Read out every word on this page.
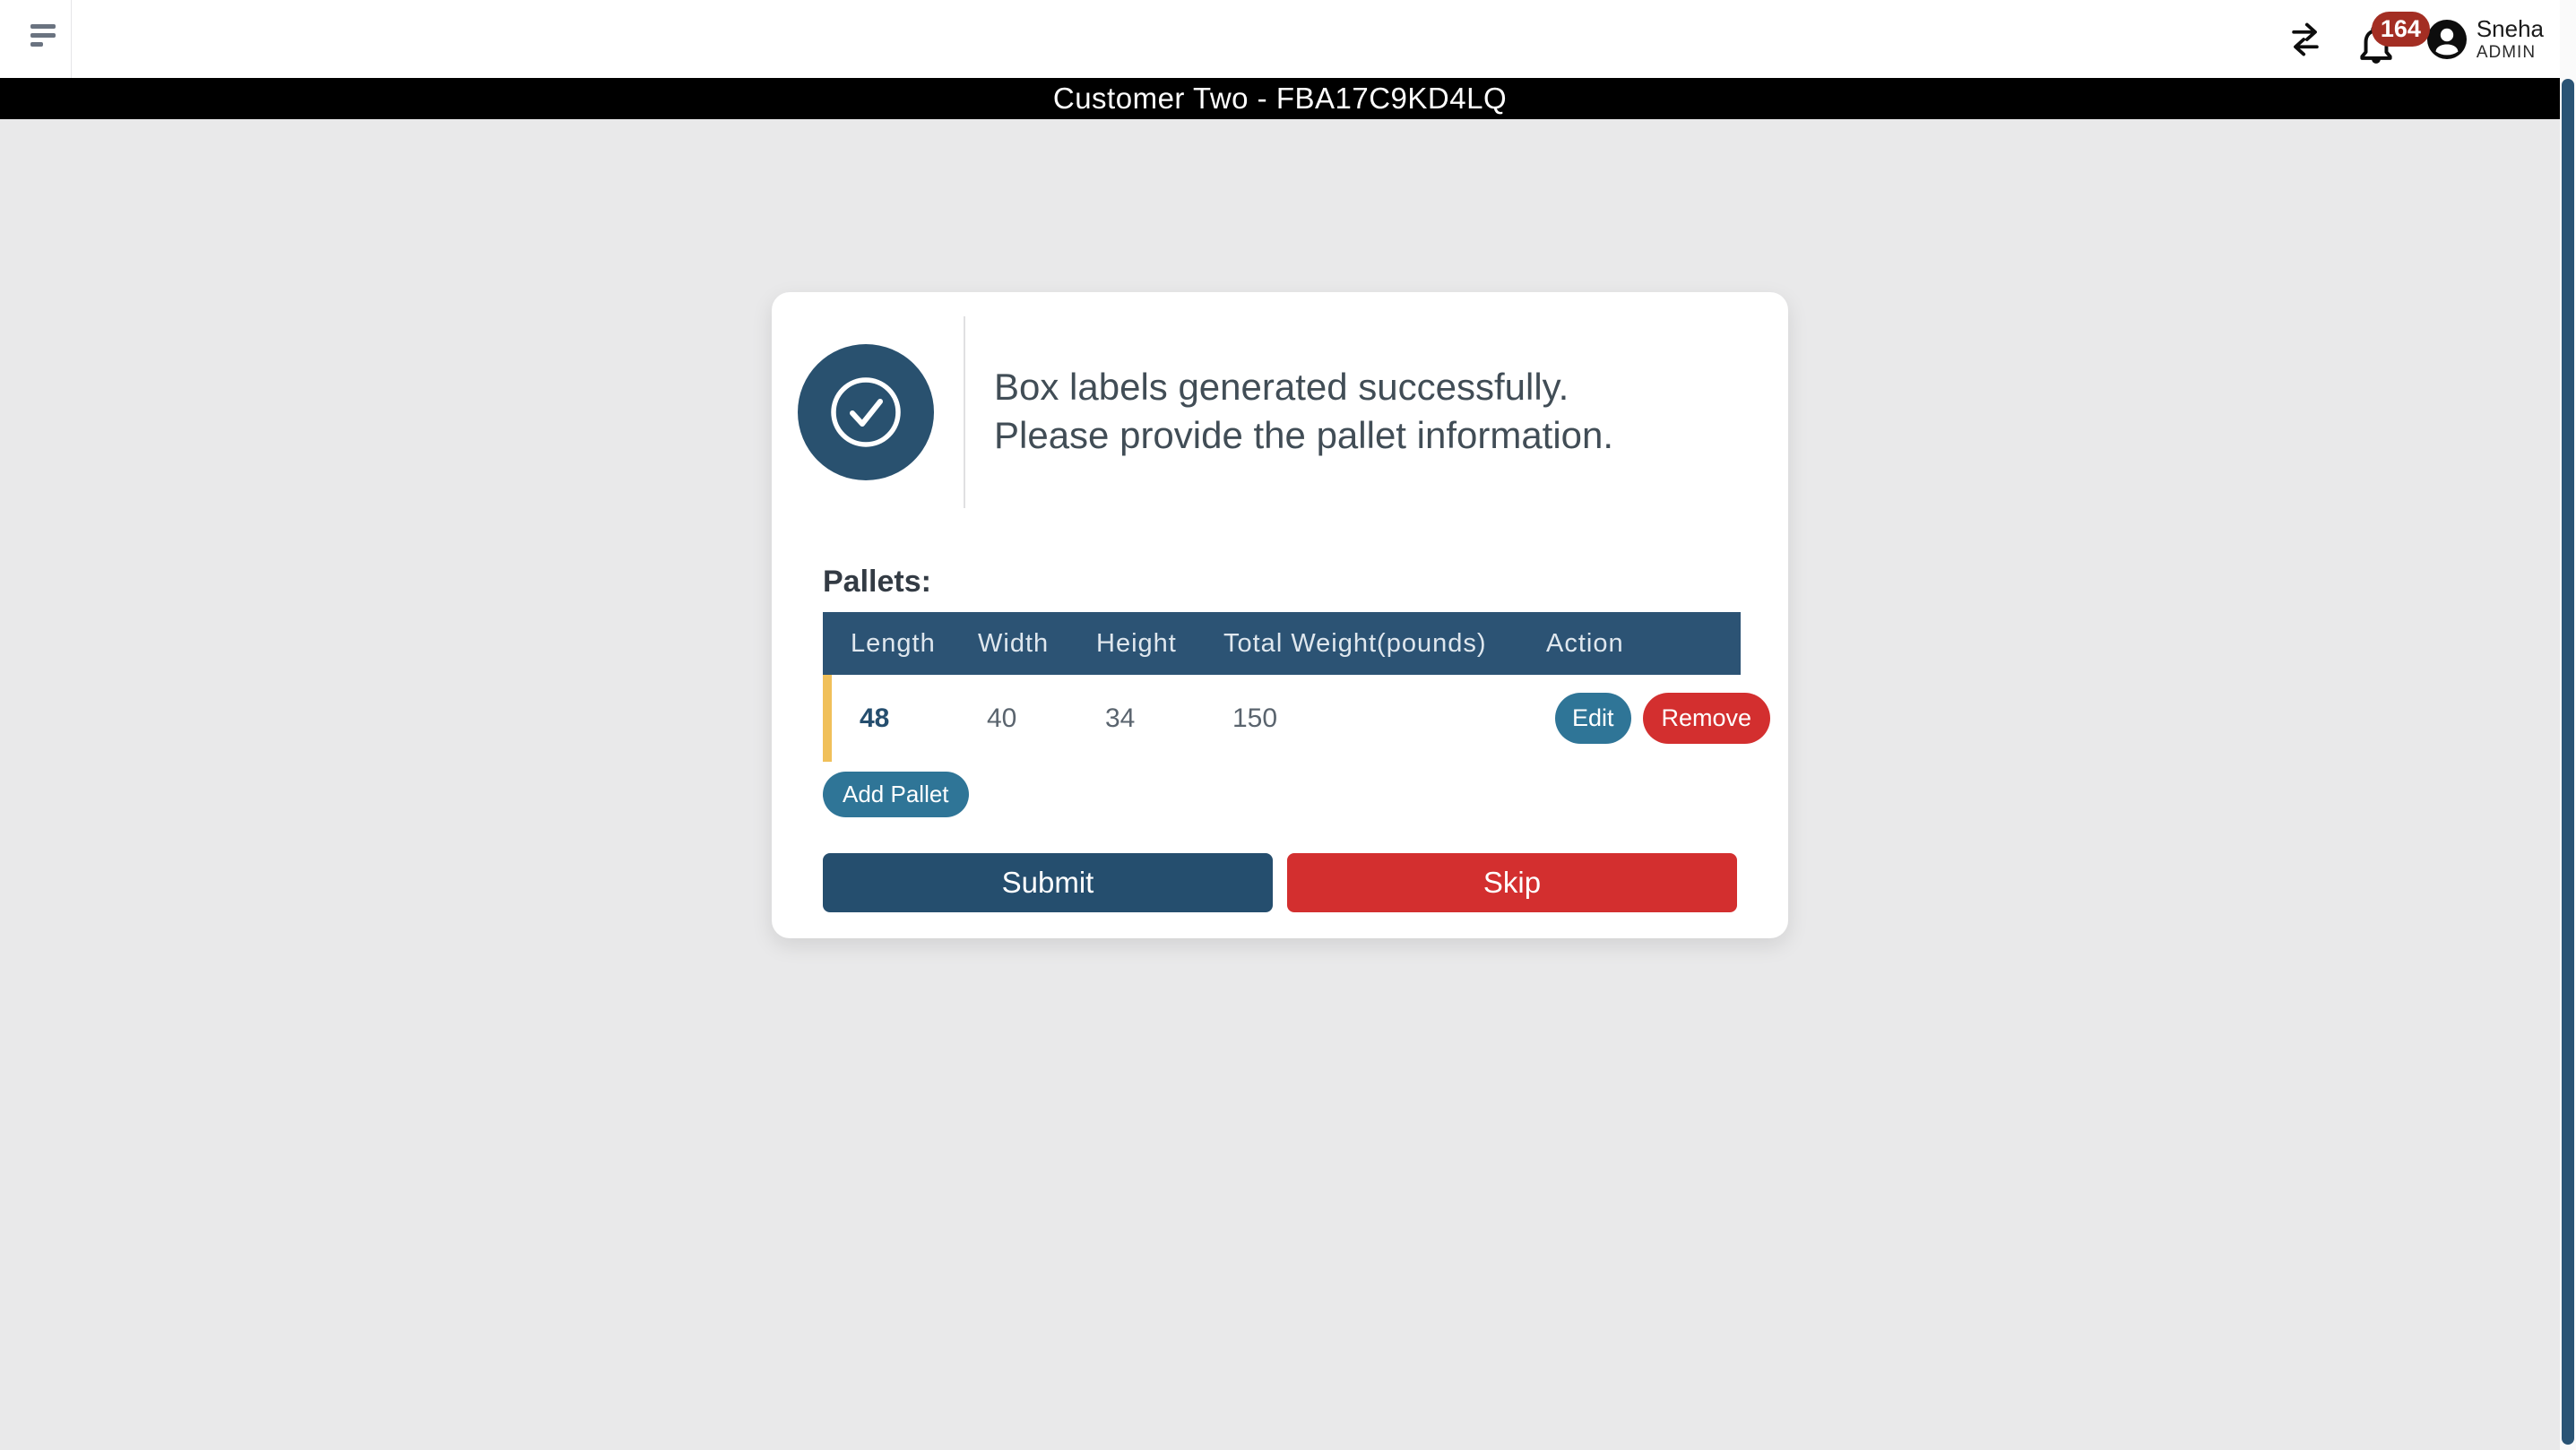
164	Sneha
ADMIN
Customer Two - FBA17C9KD4LQ
Box labels generated successfully.
Please provide the pallet information.
Pallets:
Length	Width	Height	Total Weight(pounds)	Action
48	40	34	150	Edit	Remove
Add Pallet
Submit	Skip
